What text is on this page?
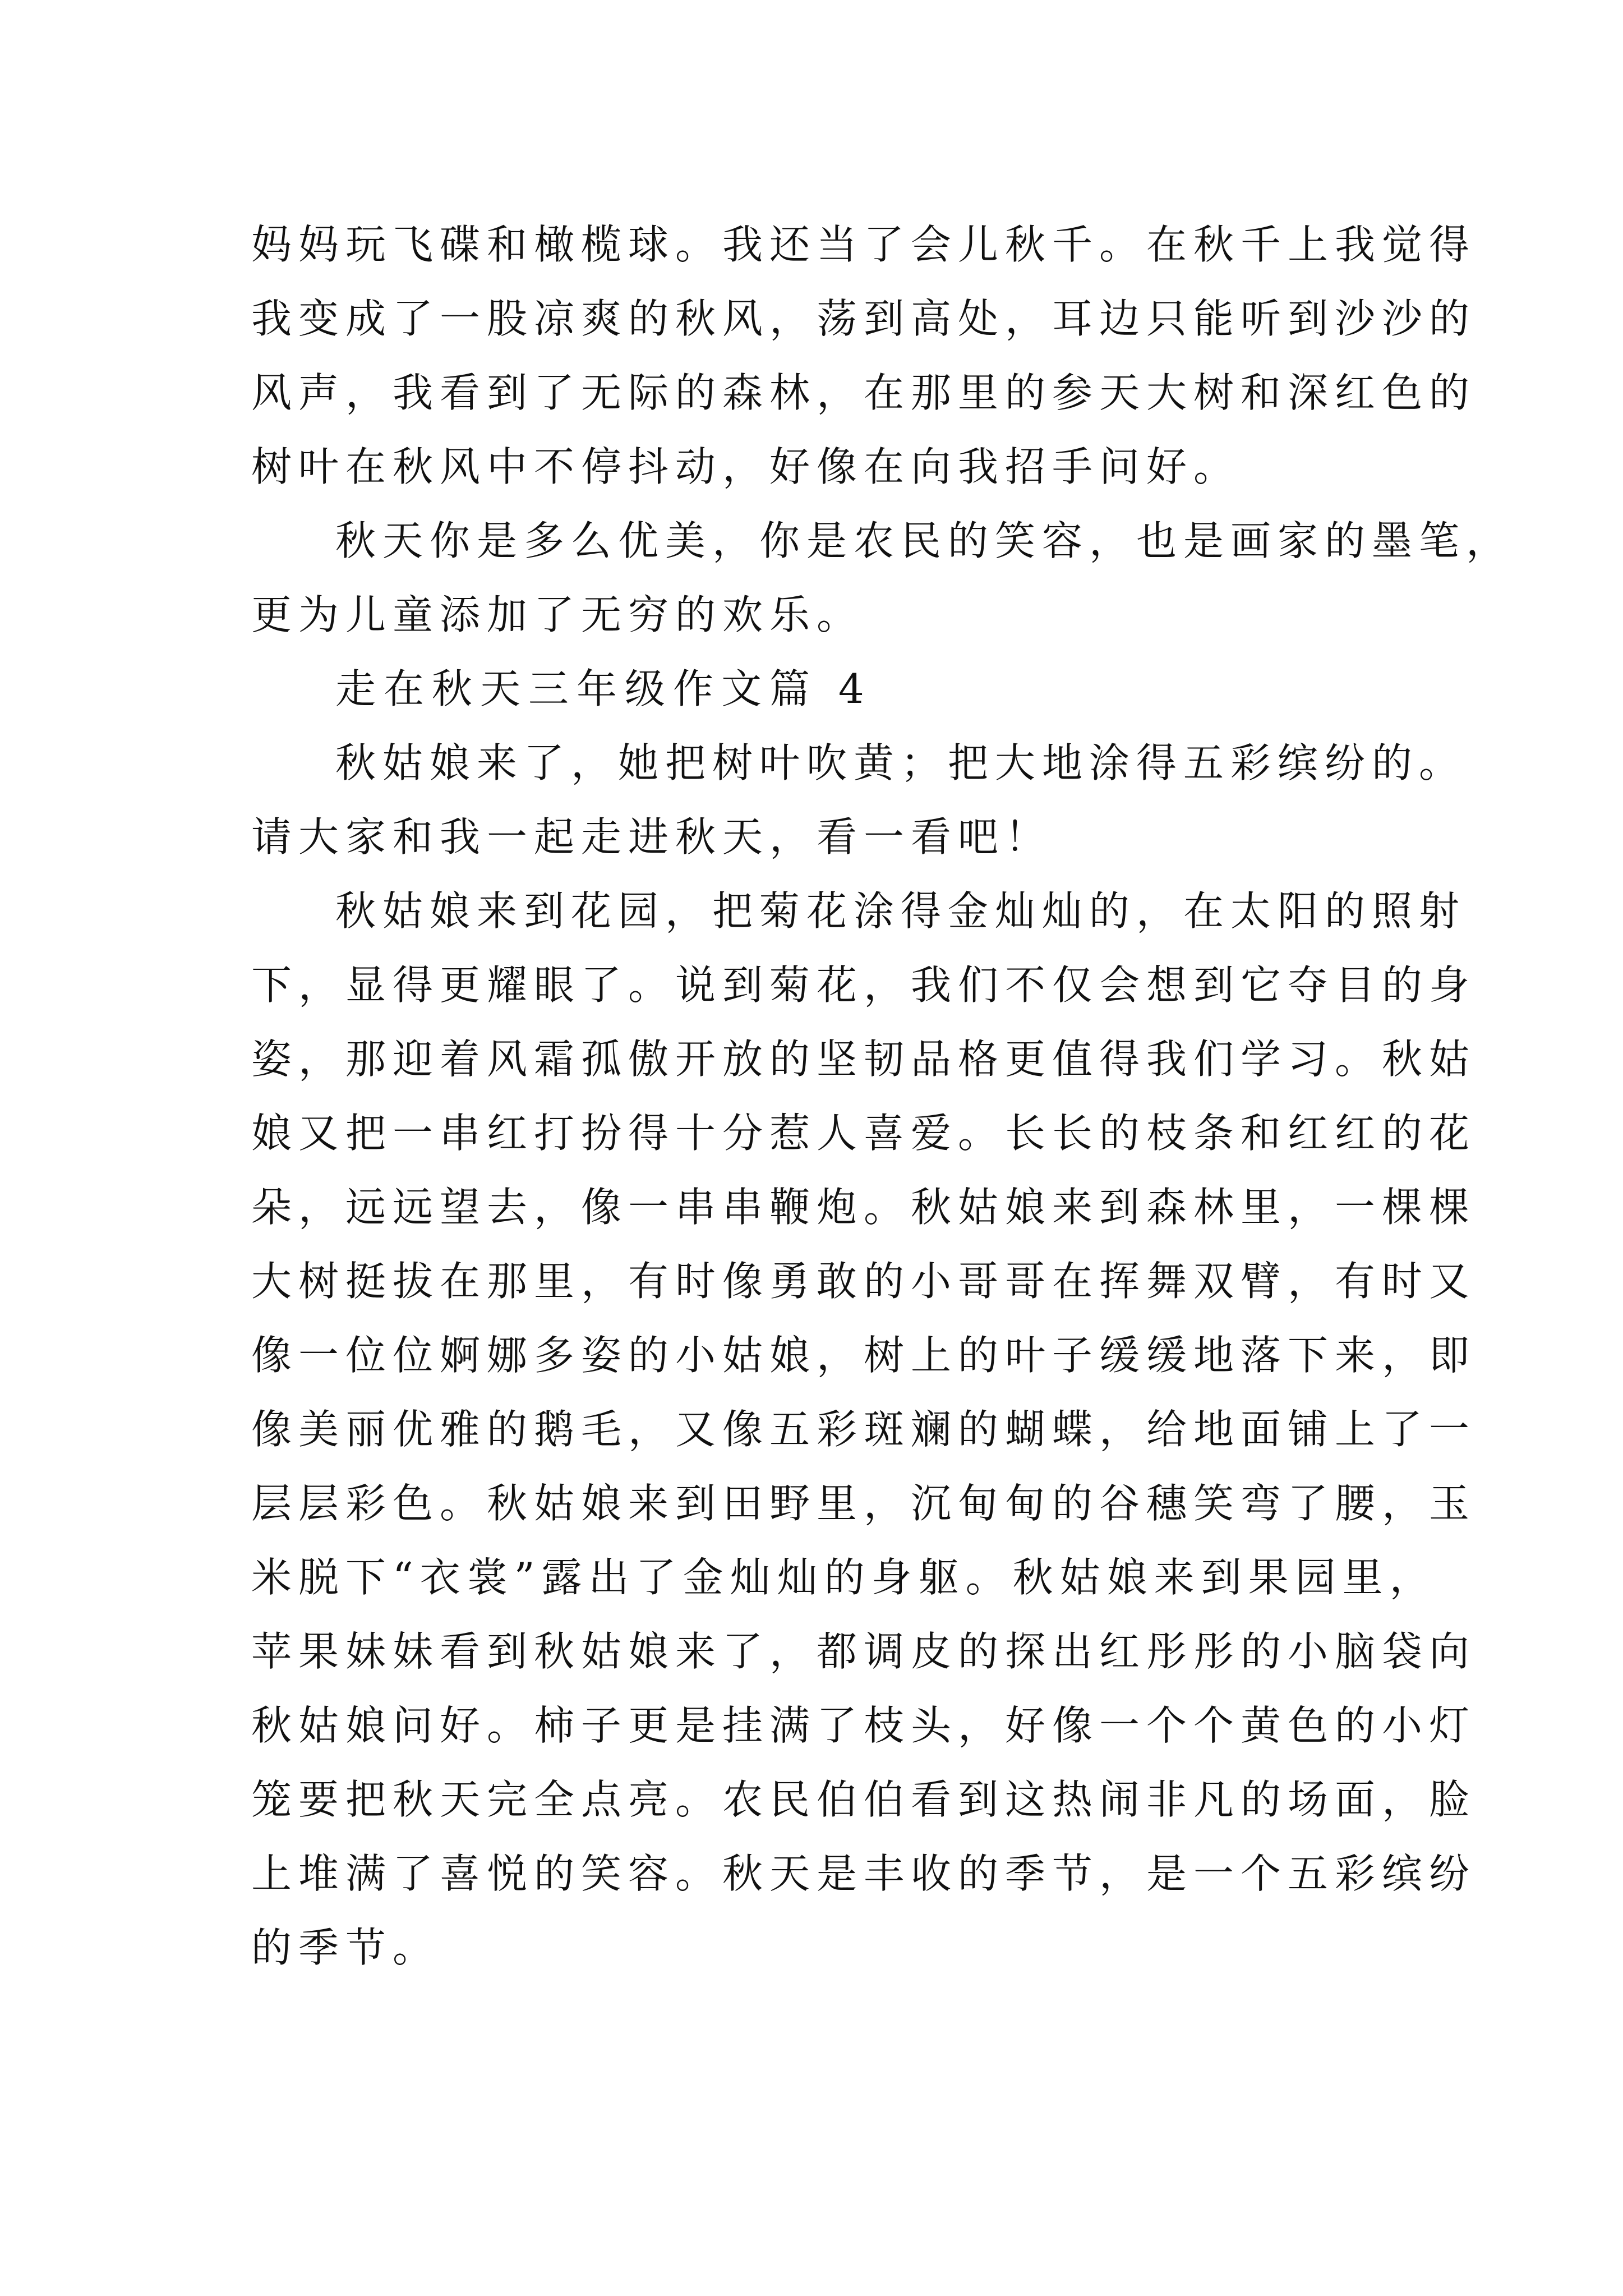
妈妈玩飞碟和橄榄球。我还当了会儿秋千。在秋千上我觉得
我变成了一股凉爽的秋风，荡到高处，耳边只能听到沙沙的
风声，我看到了无际的森林，在那里的参天大树和深红色的
树叶在秋风中不停抖动，好像在向我招手问好。
秋天你是多么优美，你是农民的笑容，也是画家的墨笔，
更为儿童添加了无穷的欢乐。
走在秋天三年级作文篇 4
秋姑娘来了，她把树叶吹黄；把大地涂得五彩缤纷的。
请大家和我一起走进秋天，看一看吧！
秋姑娘来到花园，把菊花涂得金灿灿的，在太阳的照射
下，显得更耀眼了。说到菊花，我们不仅会想到它夺目的身
姿，那迎着风霜孤傲开放的坚韧品格更值得我们学习。秋姑
娘又把一串红打扮得十分惹人喜爱。长长的枝条和红红的花
朵，远远望去，像一串串鞭炮。秋姑娘来到森林里，一棵棵
大树挺拔在那里，有时像勇敢的小哥哥在挥舞双臂，有时又
像一位位婀娜多姿的小姑娘，树上的叶子缓缓地落下来，即
像美丽优雅的鹅毛，又像五彩斑斓的蝴蝶，给地面铺上了一
层层彩色。秋姑娘来到田野里，沉甸甸的谷穗笑弯了腰，玉
米脱下“衣裳”露出了金灿灿的身躯。秋姑娘来到果园里，
苹果妹妹看到秋姑娘来了，都调皮的探出红彤彤的小脑袋向
秋姑娘问好。柿子更是挂满了枝头，好像一个个黄色的小灯
笼要把秋天完全点亮。农民伯伯看到这热闹非凡的场面，脸
上堆满了喜悦的笑容。秋天是丰收的季节，是一个五彩缤纷
的季节。
